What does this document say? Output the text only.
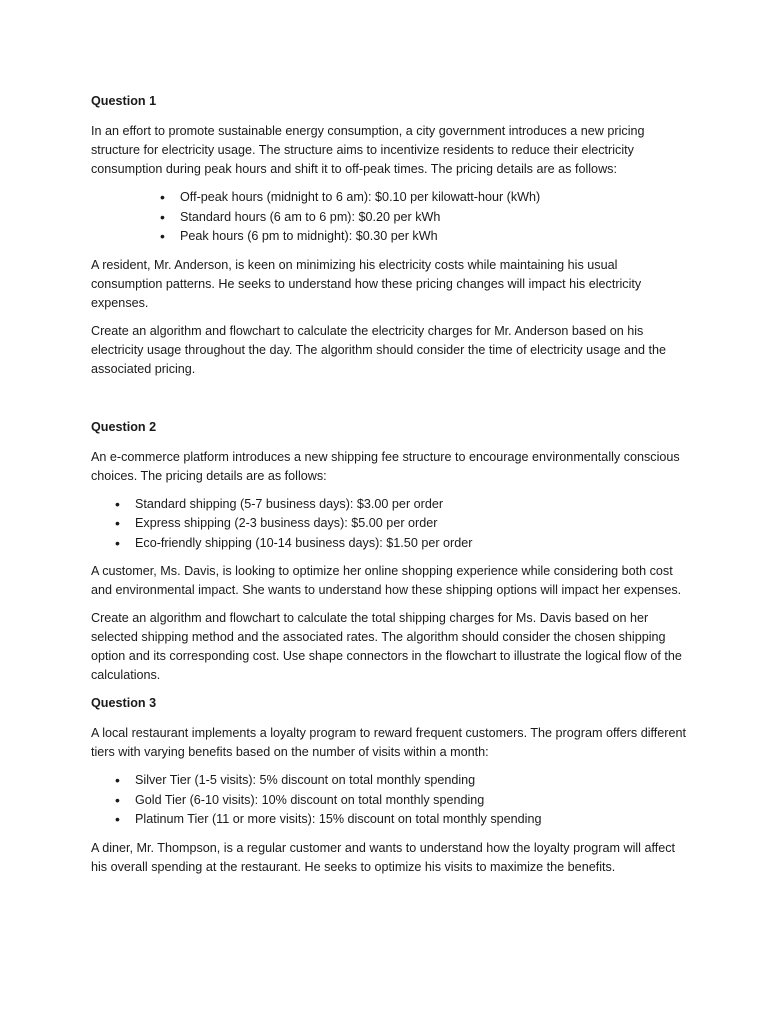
Question 1

In an effort to promote sustainable energy consumption, a city government introduces a new pricing structure for electricity usage. The structure aims to incentivize residents to reduce their electricity consumption during peak hours and shift it to off-peak times. The pricing details are as follows:

• Off-peak hours (midnight to 6 am): $0.10 per kilowatt-hour (kWh)
• Standard hours (6 am to 6 pm): $0.20 per kWh
• Peak hours (6 pm to midnight): $0.30 per kWh

A resident, Mr. Anderson, is keen on minimizing his electricity costs while maintaining his usual consumption patterns. He seeks to understand how these pricing changes will impact his electricity expenses.

Create an algorithm and flowchart to calculate the electricity charges for Mr. Anderson based on his electricity usage throughout the day. The algorithm should consider the time of electricity usage and the associated pricing.

Question 2

An e-commerce platform introduces a new shipping fee structure to encourage environmentally conscious choices. The pricing details are as follows:

• Standard shipping (5-7 business days): $3.00 per order
• Express shipping (2-3 business days): $5.00 per order
• Eco-friendly shipping (10-14 business days): $1.50 per order

A customer, Ms. Davis, is looking to optimize her online shopping experience while considering both cost and environmental impact. She wants to understand how these shipping options will impact her expenses.

Create an algorithm and flowchart to calculate the total shipping charges for Ms. Davis based on her selected shipping method and the associated rates. The algorithm should consider the chosen shipping option and its corresponding cost. Use shape connectors in the flowchart to illustrate the logical flow of the calculations.

Question 3

A local restaurant implements a loyalty program to reward frequent customers. The program offers different tiers with varying benefits based on the number of visits within a month:

• Silver Tier (1-5 visits): 5% discount on total monthly spending
• Gold Tier (6-10 visits): 10% discount on total monthly spending
• Platinum Tier (11 or more visits): 15% discount on total monthly spending

A diner, Mr. Thompson, is a regular customer and wants to understand how the loyalty program will affect his overall spending at the restaurant. He seeks to optimize his visits to maximize the benefits.
